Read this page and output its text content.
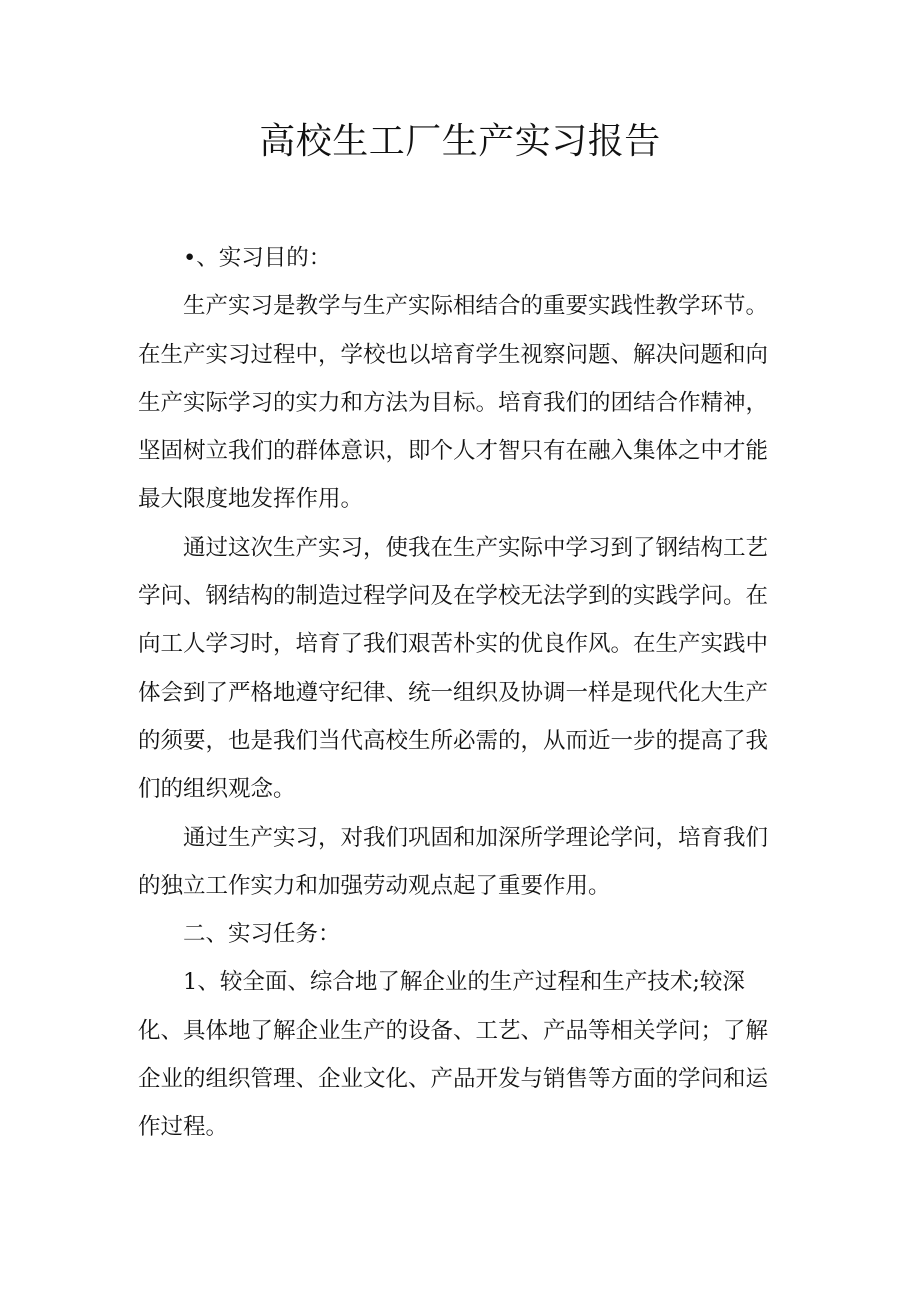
高校生工厂生产实习报告

•、实习目的：

生产实习是教学与生产实际相结合的重要实践性教学环节。在生产实习过程中，学校也以培育学生视察问题、解决问题和向生产实际学习的实力和方法为目标。培育我们的团结合作精神，坚固树立我们的群体意识，即个人才智只有在融入集体之中才能最大限度地发挥作用。

通过这次生产实习，使我在生产实际中学习到了钢结构工艺学问、钢结构的制造过程学问及在学校无法学到的实践学问。在向工人学习时，培育了我们艰苦朴实的优良作风。在生产实践中体会到了严格地遵守纪律、统一组织及协调一样是现代化大生产的须要，也是我们当代高校生所必需的，从而近一步的提高了我们的组织观念。

通过生产实习，对我们巩固和加深所学理论学问，培育我们的独立工作实力和加强劳动观点起了重要作用。

二、实习任务：

1、较全面、综合地了解企业的生产过程和生产技术;较深化、具体地了解企业生产的设备、工艺、产品等相关学问；了解企业的组织管理、企业文化、产品开发与销售等方面的学问和运作过程。
